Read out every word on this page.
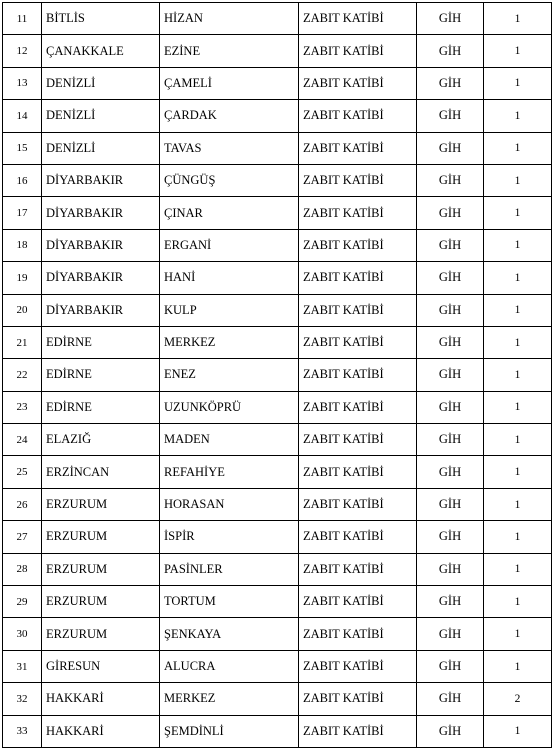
11	BİTLİS	HİZAN	ZABIT KATİBİ	GİH	1
12	ÇANAKKALE	EZİNE	ZABIT KATİBİ	GİH	1
13	DENİZLİ	ÇAMELİ	ZABIT KATİBİ	GİH	1
14	DENİZLİ	ÇARDAK	ZABIT KATİBİ	GİH	1
15	DENİZLİ	TAVAS	ZABIT KATİBİ	GİH	1
16	DİYARBAKIR	ÇÜNGÜŞ	ZABIT KATİBİ	GİH	1
17	DİYARBAKIR	ÇINAR	ZABIT KATİBİ	GİH	1
18	DİYARBAKIR	ERGANİ	ZABIT KATİBİ	GİH	1
19	DİYARBAKIR	HANİ	ZABIT KATİBİ	GİH	1
20	DİYARBAKIR	KULP	ZABIT KATİBİ	GİH	1
21	EDİRNE	MERKEZ	ZABIT KATİBİ	GİH	1
22	EDİRNE	ENEZ	ZABIT KATİBİ	GİH	1
23	EDİRNE	UZUNKÖPRÜ	ZABIT KATİBİ	GİH	1
24	ELAZIĞ	MADEN	ZABIT KATİBİ	GİH	1
25	ERZİNCAN	REFAHİYE	ZABIT KATİBİ	GİH	1
26	ERZURUM	HORASAN	ZABIT KATİBİ	GİH	1
27	ERZURUM	İSPİR	ZABIT KATİBİ	GİH	1
28	ERZURUM	PASİNLER	ZABIT KATİBİ	GİH	1
29	ERZURUM	TORTUM	ZABIT KATİBİ	GİH	1
30	ERZURUM	ŞENKAYA	ZABIT KATİBİ	GİH	1
31	GİRESUN	ALUCRA	ZABIT KATİBİ	GİH	1
32	HAKKARİ	MERKEZ	ZABIT KATİBİ	GİH	2
33	HAKKARİ	ŞEMDİNLİ	ZABIT KATİBİ	GİH	1
